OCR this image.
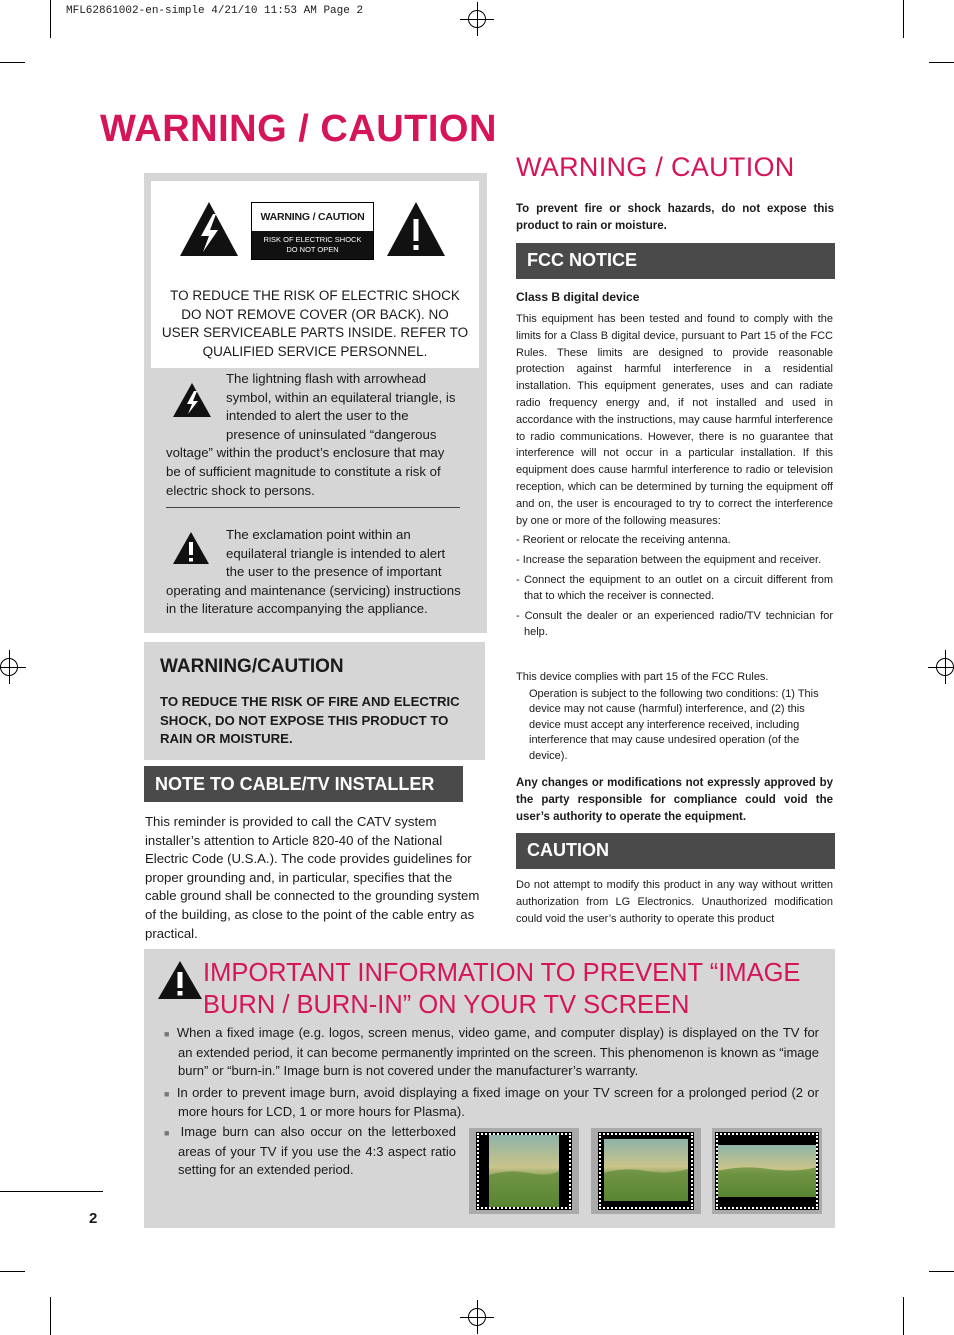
MFL62861002-en-simple 4/21/10 11:53 AM Page 2
WARNING / CAUTION
WARNING / CAUTION
RISK OF ELECTRIC SHOCK
DO NOT OPEN
TO REDUCE THE RISK OF ELECTRIC SHOCK DO NOT REMOVE COVER (OR BACK). NO USER SERVICEABLE PARTS INSIDE. REFER TO QUALIFIED SERVICE PERSONNEL.
The lightning flash with arrowhead symbol, within an equilateral triangle, is intended to alert the user to the presence of uninsulated “dangerous voltage” within the product’s enclosure that may be of sufficient magnitude to constitute a risk of electric shock to persons.
The exclamation point within an equilateral triangle is intended to alert the user to the presence of important operating and maintenance (servicing) instructions in the literature accompanying the appliance.
WARNING/CAUTION
TO REDUCE THE RISK OF FIRE AND ELECTRIC SHOCK, DO NOT EXPOSE THIS PRODUCT TO RAIN OR MOISTURE.
NOTE TO CABLE/TV INSTALLER
This reminder is provided to call the CATV system installer’s attention to Article 820-40 of the National Electric Code (U.S.A.). The code provides guidelines for proper grounding and, in particular, specifies that the cable ground shall be connected to the grounding system of the building, as close to the point of the cable entry as practical.
WARNING / CAUTION
To prevent fire or shock hazards, do not expose this product to rain or moisture.
FCC NOTICE
Class B digital device
This equipment has been tested and found to comply with the limits for a Class B digital device, pursuant to Part 15 of the FCC Rules. These limits are designed to provide reasonable protection against harmful interference in a residential installation. This equipment generates, uses and can radiate radio frequency energy and, if not installed and used in accordance with the instructions, may cause harmful interference to radio communications. However, there is no guarantee that interference will not occur in a particular installation. If this equipment does cause harmful interference to radio or television reception, which can be determined by turning the equipment off and on, the user is encouraged to try to correct the interference by one or more of the following measures:
- Reorient or relocate the receiving antenna.
- Increase the separation between the equipment and receiver.
- Connect the equipment to an outlet on a circuit different from that to which the receiver is connected.
- Consult the dealer or an experienced radio/TV technician for help.
This device complies with part 15 of the FCC Rules.
Operation is subject to the following two conditions: (1) This device may not cause (harmful) interference, and (2) this device must accept any interference received, including interference that may cause undesired operation (of the device).
Any changes or modifications not expressly approved by the party responsible for compliance could void the user’s authority to operate the equipment.
CAUTION
Do not attempt to modify this product in any way without written authorization from LG Electronics. Unauthorized modification could void the user’s authority to operate this product
IMPORTANT INFORMATION TO PREVENT “IMAGE BURN / BURN-IN” ON YOUR TV SCREEN
■  When a fixed image (e.g. logos, screen menus, video game, and computer display) is displayed on the TV for an extended period, it can become permanently imprinted on the screen. This phenomenon is known as “image burn” or “burn-in.” Image burn is not covered under the manufacturer’s warranty.
■  In order to prevent image burn, avoid displaying a fixed image on your TV screen for a prolonged period (2 or more hours for LCD, 1 or more hours for Plasma).
■  Image burn can also occur on the letterboxed areas of your TV if you use the 4:3 aspect ratio setting for an extended period.
2
